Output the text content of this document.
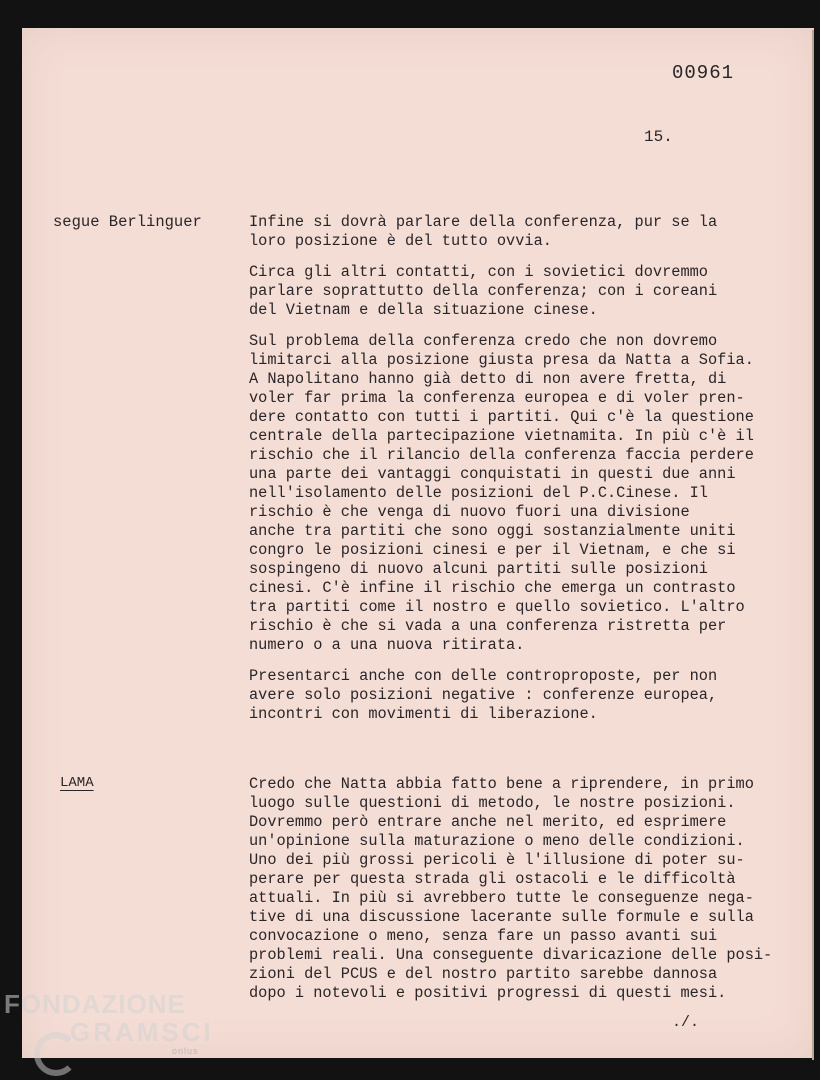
00961
15.
segue Berlinguer	Infine si dovrà parlare della conferenza, pur se la
loro posizione è del tutto ovvia.

Circa gli altri contatti, con i sovietici dovremmo
parlare soprattutto della conferenza; con i coreani
del Vietnam e della situazione cinese.

Sul problema della conferenza credo che non dovremo
limitarci alla posizione giusta presa da Natta a Sofia.
A Napolitano hanno già detto di non avere fretta, di
voler far prima la conferenza europea e di voler pren-
dere contatto con tutti i partiti. Qui c'è la questione
centrale della partecipazione vietnamita. In più c'è il
rischio che il rilancio della conferenza faccia perdere
una parte dei vantaggi conquistati in questi due anni
nell'isolamento delle posizioni del P.C.Cinese. Il
rischio è che venga di nuovo fuori una divisione
anche tra partiti che sono oggi sostanzialmente uniti
congro le posizioni cinesi e per il Vietnam, e che si
sospingeno di nuovo alcuni partiti sulle posizioni
cinesi. C'è infine il rischio che emerga un contrasto
tra partiti come il nostro e quello sovietico. L'altro
rischio è che si vada a una conferenza ristretta per
numero o a una nuova ritirata.

Presentarci anche con delle controproposte, per non
avere solo posizioni negative : conferenze europea,
incontri con movimenti di liberazione.

LAMA	Credo che Natta abbia fatto bene a riprendere, in primo
luogo sulle questioni di metodo, le nostre posizioni.
Dovremmo però entrare anche nel merito, ed esprimere
un'opinione sulla maturazione o meno delle condizioni.
Uno dei più grossi pericoli è l'illusione di poter su-
perare per questa strada gli ostacoli e le difficoltà
attuali. In più si avrebbero tutte le conseguenze nega-
tive di una discussione lacerante sulle formule e sulla
convocazione o meno, senza fare un passo avanti sui
problemi reali. Una conseguente divaricazione delle posi-
zioni del PCUS e del nostro partito sarebbe dannosa
dopo i notevoli e positivi progressi di questi mesi.

./.
FONDAZIONE
GRAMSCI
onlus
